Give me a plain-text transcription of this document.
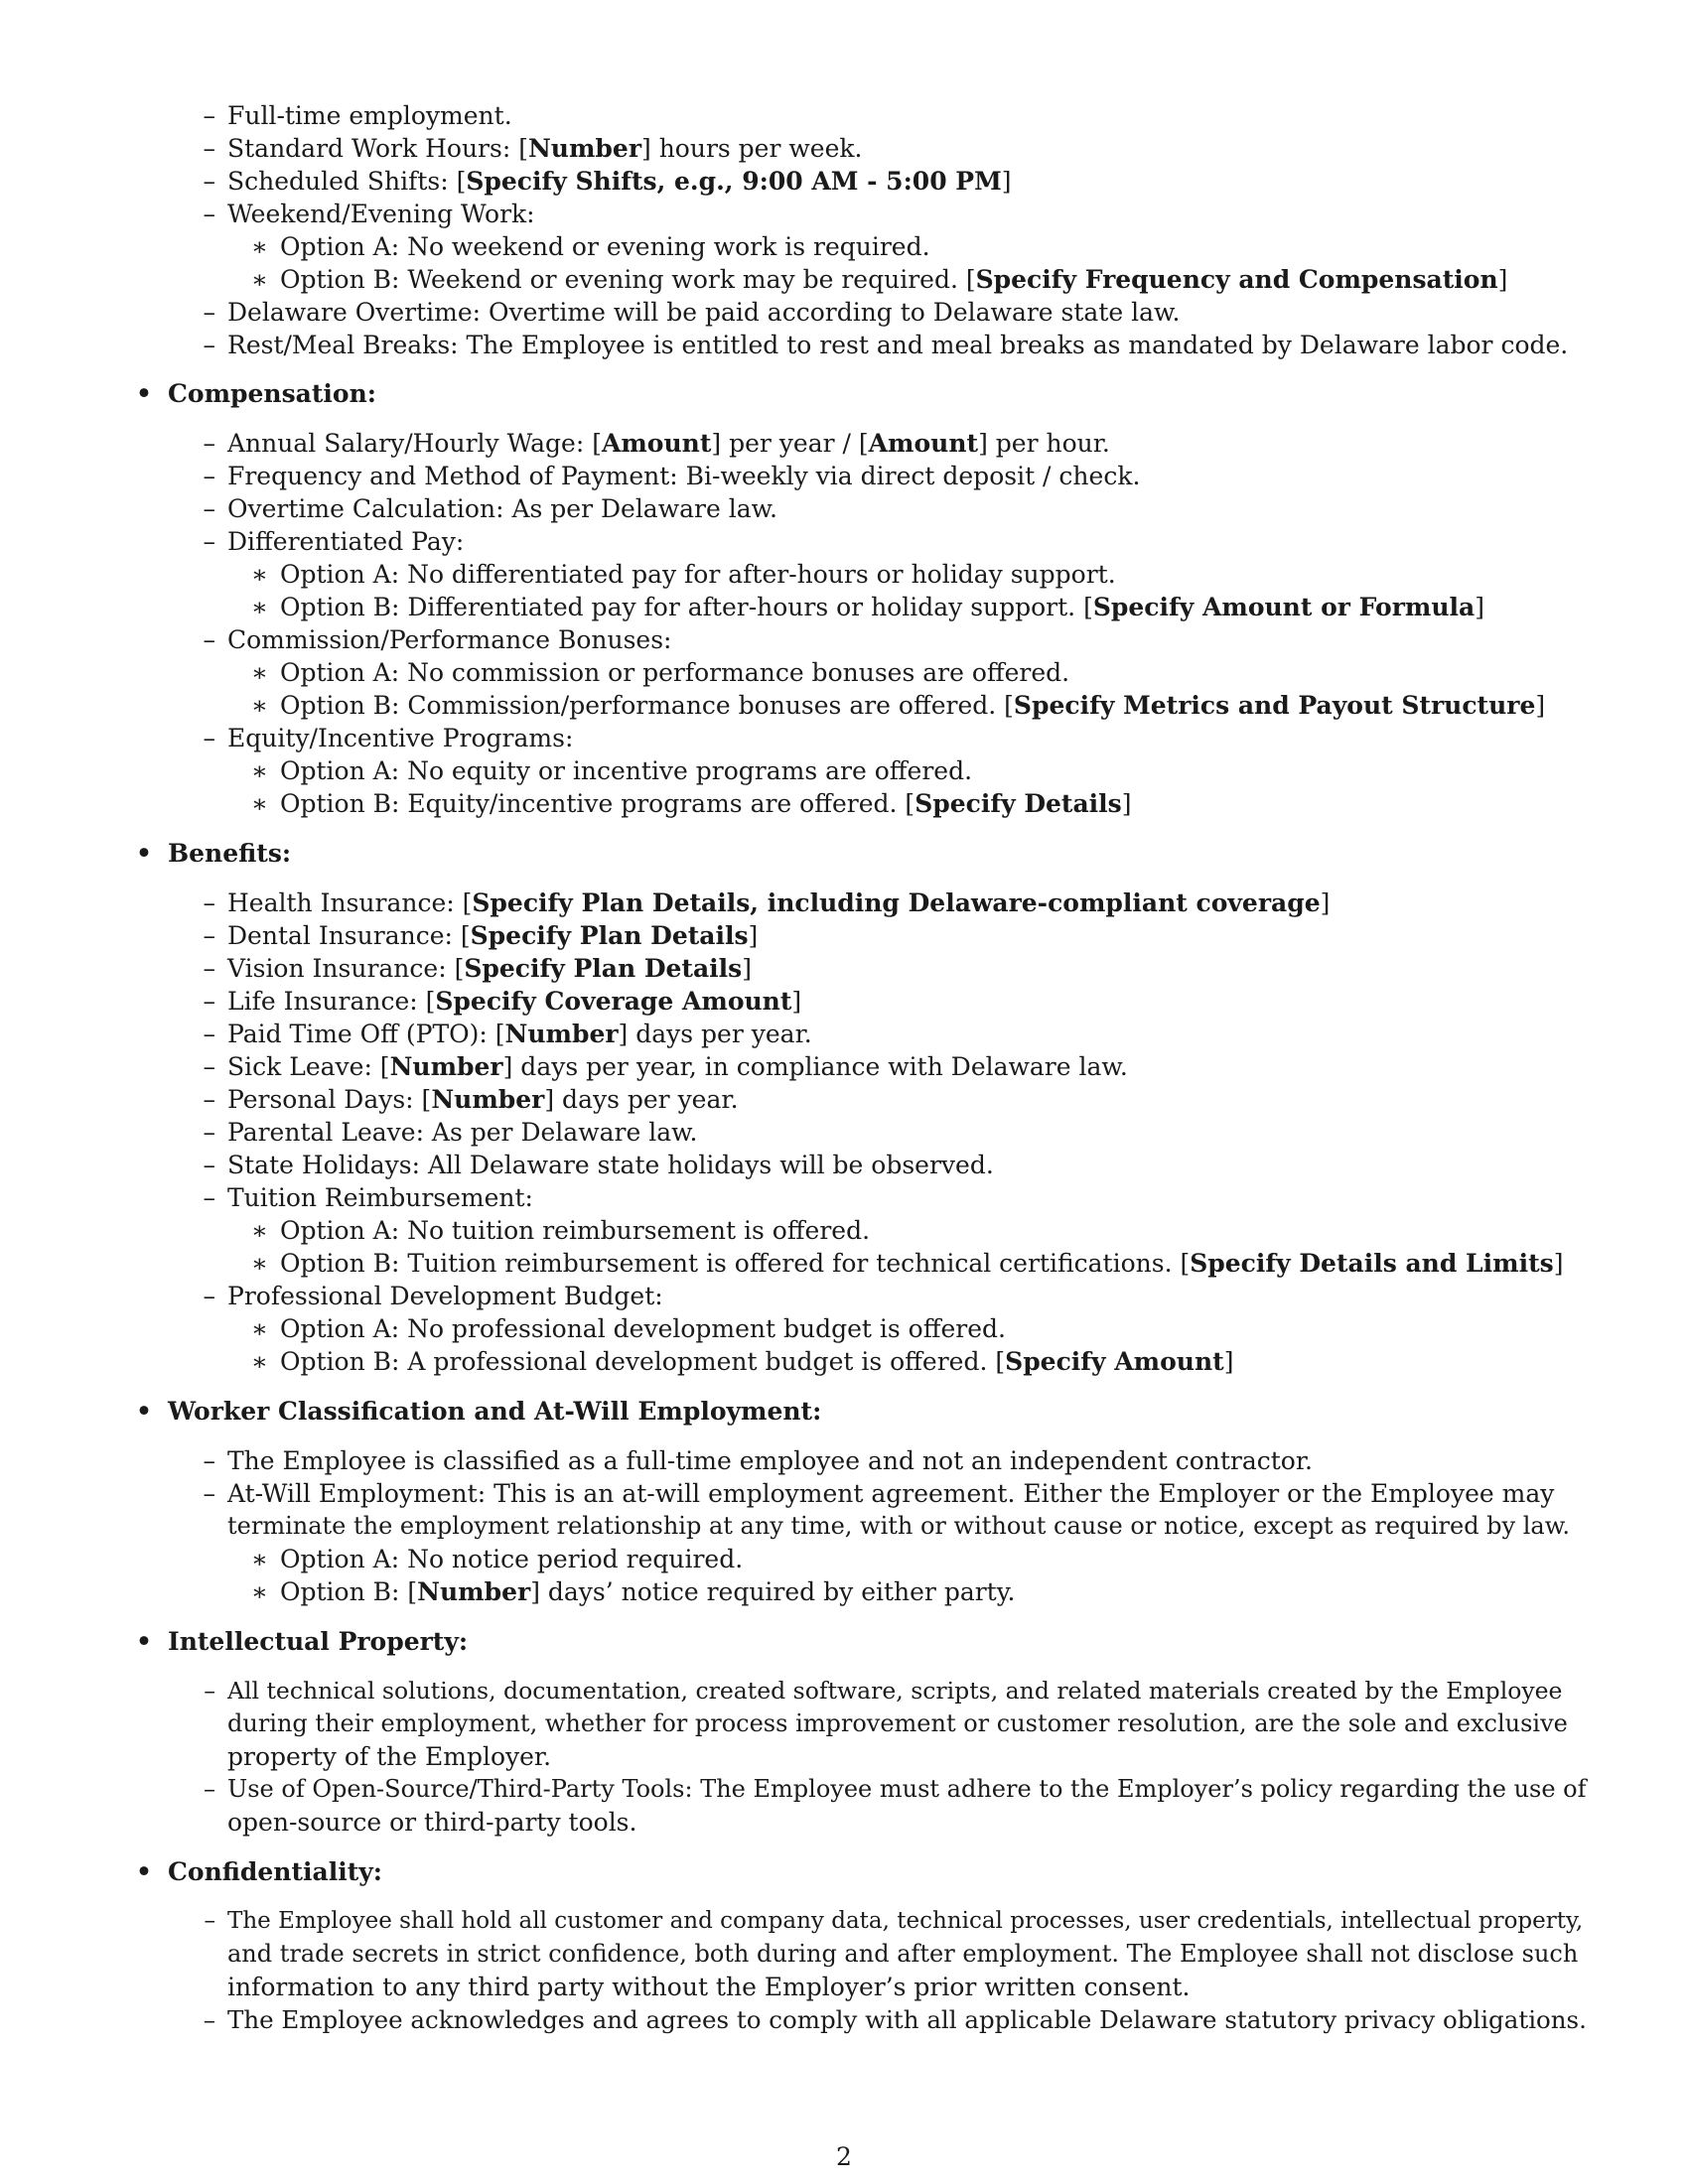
– Full-time employment.
– Standard Work Hours: [Number] hours per week.
– Scheduled Shifts: [Specify Shifts, e.g., 9:00 AM - 5:00 PM]
– Weekend/Evening Work:
∗ Option A: No weekend or evening work is required.
∗ Option B: Weekend or evening work may be required. [Specify Frequency and Compensation]
– Delaware Overtime: Overtime will be paid according to Delaware state law.
– Rest/Meal Breaks: The Employee is entitled to rest and meal breaks as mandated by Delaware labor code.
• Compensation:
– Annual Salary/Hourly Wage: [Amount] per year / [Amount] per hour.
– Frequency and Method of Payment: Bi-weekly via direct deposit / check.
– Overtime Calculation: As per Delaware law.
– Differentiated Pay:
∗ Option A: No differentiated pay for after-hours or holiday support.
∗ Option B: Differentiated pay for after-hours or holiday support. [Specify Amount or Formula]
– Commission/Performance Bonuses:
∗ Option A: No commission or performance bonuses are offered.
∗ Option B: Commission/performance bonuses are offered. [Specify Metrics and Payout Structure]
– Equity/Incentive Programs:
∗ Option A: No equity or incentive programs are offered.
∗ Option B: Equity/incentive programs are offered. [Specify Details]
• Benefits:
– Health Insurance: [Specify Plan Details, including Delaware-compliant coverage]
– Dental Insurance: [Specify Plan Details]
– Vision Insurance: [Specify Plan Details]
– Life Insurance: [Specify Coverage Amount]
– Paid Time Off (PTO): [Number] days per year.
– Sick Leave: [Number] days per year, in compliance with Delaware law.
– Personal Days: [Number] days per year.
– Parental Leave: As per Delaware law.
– State Holidays: All Delaware state holidays will be observed.
– Tuition Reimbursement:
∗ Option A: No tuition reimbursement is offered.
∗ Option B: Tuition reimbursement is offered for technical certifications. [Specify Details and Limits]
– Professional Development Budget:
∗ Option A: No professional development budget is offered.
∗ Option B: A professional development budget is offered. [Specify Amount]
• Worker Classification and At-Will Employment:
– The Employee is classified as a full-time employee and not an independent contractor.
– At-Will Employment: This is an at-will employment agreement. Either the Employer or the Employee may
terminate the employment relationship at any time, with or without cause or notice, except as required by law.
∗ Option A: No notice period required.
∗ Option B: [Number] days’ notice required by either party.
• Intellectual Property:
– All technical solutions, documentation, created software, scripts, and related materials created by the Employee
during their employment, whether for process improvement or customer resolution, are the sole and exclusive
property of the Employer.
– Use of Open-Source/Third-Party Tools: The Employee must adhere to the Employer’s policy regarding the use of
open-source or third-party tools.
• Confidentiality:
– The Employee shall hold all customer and company data, technical processes, user credentials, intellectual property,
and trade secrets in strict confidence, both during and after employment. The Employee shall not disclose such
information to any third party without the Employer’s prior written consent.
– The Employee acknowledges and agrees to comply with all applicable Delaware statutory privacy obligations.
2
